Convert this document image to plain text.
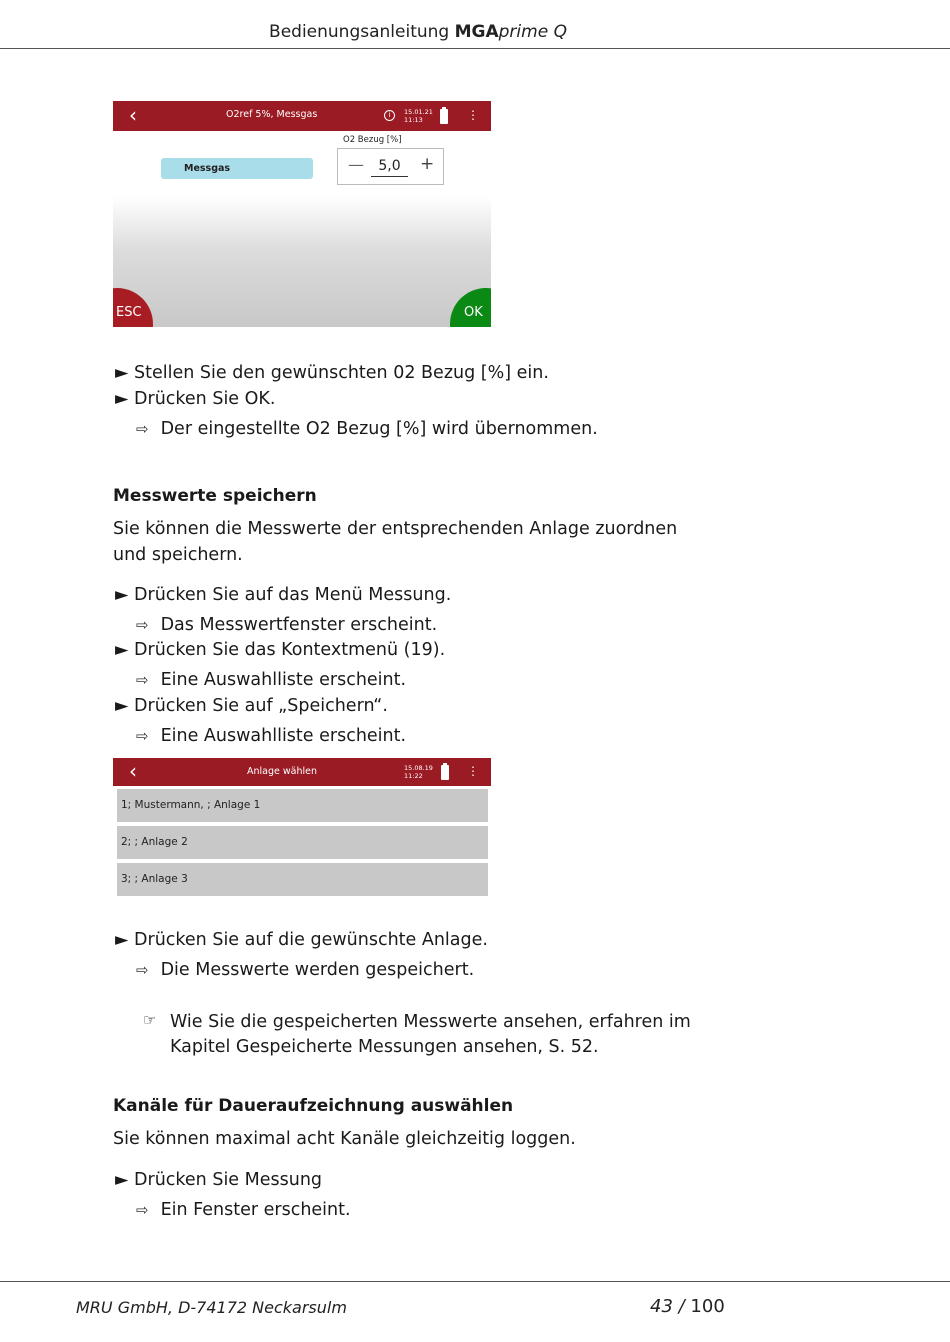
Bedienungsanleitung MGAprime Q
‹	O2ref 5%, Messgas	i	15.01.21
11:13	⋮
Messgas
O2 Bezug [%]
—	5,0	+
ESC	OK
► Stellen Sie den gewünschten 02 Bezug [%] ein.
► Drücken Sie OK.
⇨ Der eingestellte O2 Bezug [%] wird übernommen.
Messwerte speichern
Sie können die Messwerte der entsprechenden Anlage zuordnen und speichern.
► Drücken Sie auf das Menü Messung.
⇨ Das Messwertfenster erscheint.
► Drücken Sie das Kontextmenü (19).
⇨ Eine Auswahlliste erscheint.
► Drücken Sie auf „Speichern“.
⇨ Eine Auswahlliste erscheint.
‹	Anlage wählen	15.08.19
11:22	⋮
1; Mustermann, ; Anlage 1
2; ; Anlage 2
3; ; Anlage 3
► Drücken Sie auf die gewünschte Anlage.
⇨ Die Messwerte werden gespeichert.
☞ Wie Sie die gespeicherten Messwerte ansehen, erfahren im
Kapitel Gespeicherte Messungen ansehen, S. 52.
Kanäle für Daueraufzeichnung auswählen
Sie können maximal acht Kanäle gleichzeitig loggen.
► Drücken Sie Messung
⇨ Ein Fenster erscheint.
MRU GmbH, D-74172 Neckarsulm	43 / 100
